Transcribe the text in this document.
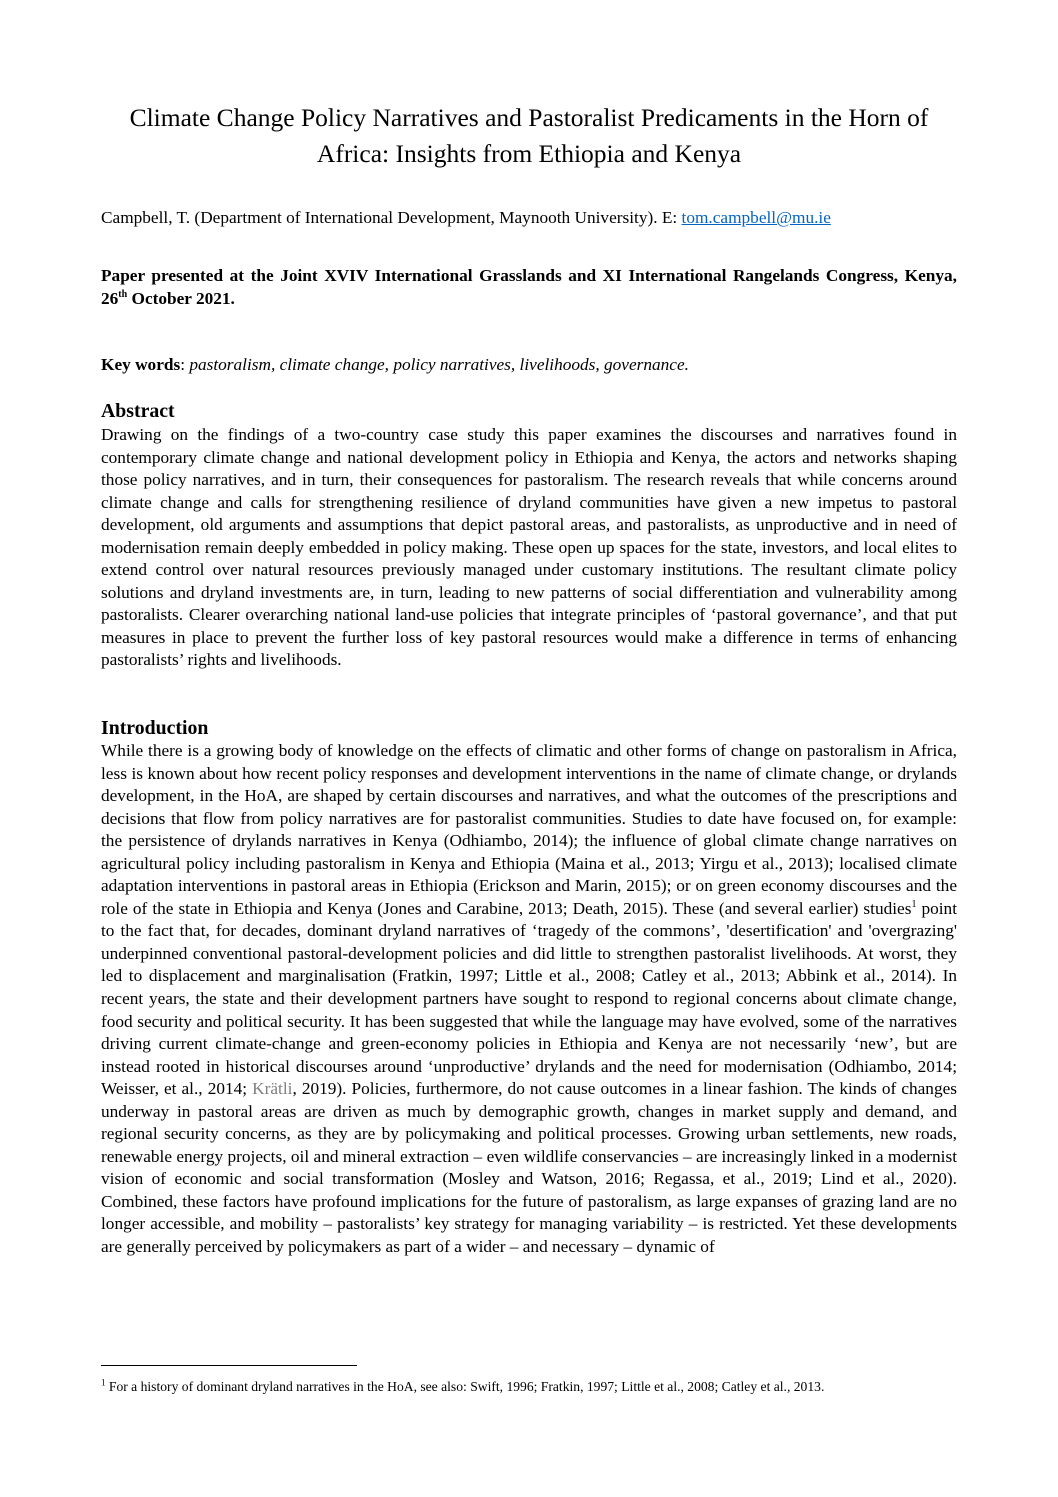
Climate Change Policy Narratives and Pastoralist Predicaments in the Horn of Africa: Insights from Ethiopia and Kenya
Campbell, T. (Department of International Development, Maynooth University). E: tom.campbell@mu.ie
Paper presented at the Joint XVIV International Grasslands and XI International Rangelands Congress, Kenya, 26th October 2021.
Key words: pastoralism, climate change, policy narratives, livelihoods, governance.
Abstract

Drawing on the findings of a two-country case study this paper examines the discourses and narratives found in contemporary climate change and national development policy in Ethiopia and Kenya, the actors and networks shaping those policy narratives, and in turn, their consequences for pastoralism. The research reveals that while concerns around climate change and calls for strengthening resilience of dryland communities have given a new impetus to pastoral development, old arguments and assumptions that depict pastoral areas, and pastoralists, as unproductive and in need of modernisation remain deeply embedded in policy making. These open up spaces for the state, investors, and local elites to extend control over natural resources previously managed under customary institutions. The resultant climate policy solutions and dryland investments are, in turn, leading to new patterns of social differentiation and vulnerability among pastoralists. Clearer overarching national land-use policies that integrate principles of ‘pastoral governance’, and that put measures in place to prevent the further loss of key pastoral resources would make a difference in terms of enhancing pastoralists’ rights and livelihoods.

Introduction

While there is a growing body of knowledge on the effects of climatic and other forms of change on pastoralism in Africa, less is known about how recent policy responses and development interventions in the name of climate change, or drylands development, in the HoA, are shaped by certain discourses and narratives, and what the outcomes of the prescriptions and decisions that flow from policy narratives are for pastoralist communities. Studies to date have focused on, for example: the persistence of drylands narratives in Kenya (Odhiambo, 2014); the influence of global climate change narratives on agricultural policy including pastoralism in Kenya and Ethiopia (Maina et al., 2013; Yirgu et al., 2013); localised climate adaptation interventions in pastoral areas in Ethiopia (Erickson and Marin, 2015); or on green economy discourses and the role of the state in Ethiopia and Kenya (Jones and Carabine, 2013; Death, 2015). These (and several earlier) studies$^1$ point to the fact that, for decades, dominant dryland narratives of ‘tragedy of the commons’, 'desertification' and 'overgrazing' underpinned conventional pastoral-development policies and did little to strengthen pastoralist livelihoods. At worst, they led to displacement and marginalisation (Fratkin, 1997; Little et al., 2008; Catley et al., 2013; Abbink et al., 2014). In recent years, the state and their development partners have sought to respond to regional concerns about climate change, food security and political security. It has been suggested that while the language may have evolved, some of the narratives driving current climate-change and green-economy policies in Ethiopia and Kenya are not necessarily ‘new’, but are instead rooted in historical discourses around ‘unproductive’ drylands and the need for modernisation (Odhiambo, 2014; Weisser, et al., 2014; Krätli, 2019). Policies, furthermore, do not cause outcomes in a linear fashion. The kinds of changes underway in pastoral areas are driven as much by demographic growth, changes in market supply and demand, and regional security concerns, as they are by policymaking and political processes. Growing urban settlements, new roads, renewable energy projects, oil and mineral extraction – even wildlife conservancies – are increasingly linked in a modernist vision of economic and social transformation (Mosley and Watson, 2016; Regassa, et al., 2019; Lind et al., 2020). Combined, these factors have profound implications for the future of pastoralism, as large expanses of grazing land are no longer accessible, and mobility – pastoralists’ key strategy for managing variability – is restricted. Yet these developments are generally perceived by policymakers as part of a wider – and necessary – dynamic of

$^1$ For a history of dominant dryland narratives in the HoA, see also: Swift, 1996; Fratkin, 1997; Little et al., 2008; Catley et al., 2013.
